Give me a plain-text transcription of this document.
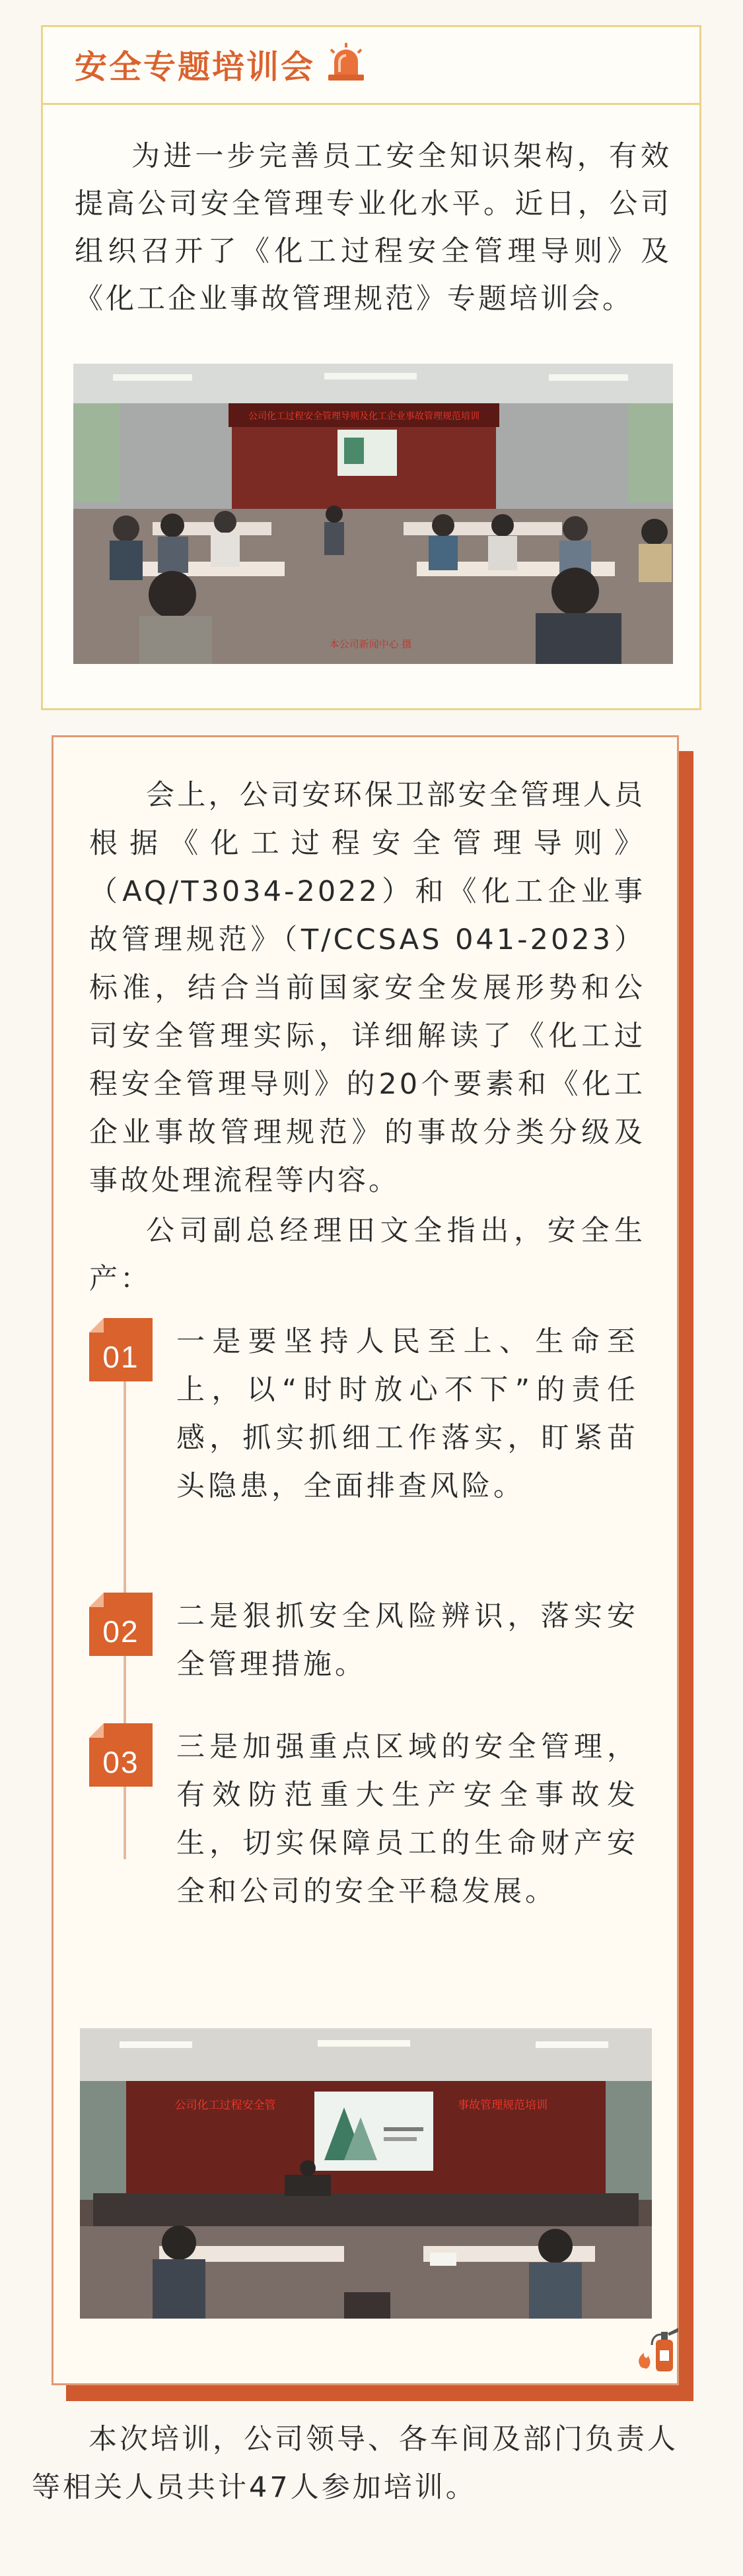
安全专题培训会

为进一步完善员工安全知识架构，有效提高公司安全管理专业化水平。近日，公司组织召开了《化工过程安全管理导则》及《化工企业事故管理规范》专题培训会。

公司化工过程安全管理导则及化工企业事故管理规范培训
本公司新闻中心 摄

会上，公司安环保卫部安全管理人员根据《化工过程安全管理导则》（AQ/T3034-2022）和《化工企业事故管理规范》（T/CCSAS 041-2023）标准，结合当前国家安全发展形势和公司安全管理实际，详细解读了《化工过程安全管理导则》的20个要素和《化工企业事故管理规范》的事故分类分级及事故处理流程等内容。

公司副总经理田文全指出，安全生产：

01	一是要坚持人民至上、生命至上，以“时时放心不下”的责任感，抓实抓细工作落实，盯紧苗头隐患，全面排查风险。

02	二是狠抓安全风险辨识，落实安全管理措施。

03	三是加强重点区域的安全管理，有效防范重大生产安全事故发生，切实保障员工的生命财产安全和公司的安全平稳发展。

公司化工过程安全管	事故管理规范培训

本次培训，公司领导、各车间及部门负责人等相关人员共计47人参加培训。
